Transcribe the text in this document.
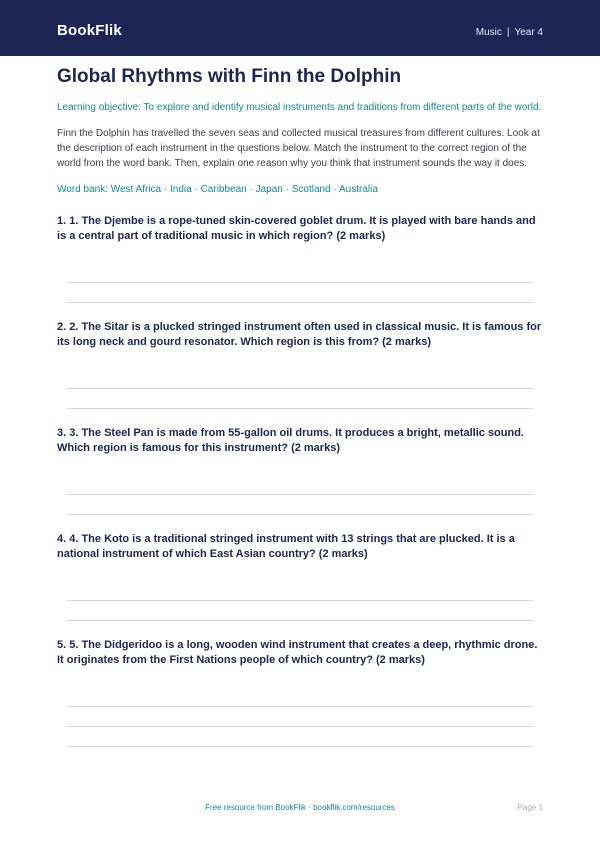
BookFlik	Music | Year 4
Global Rhythms with Finn the Dolphin
Learning objective: To explore and identify musical instruments and traditions from different parts of the world.
Finn the Dolphin has travelled the seven seas and collected musical treasures from different cultures. Look at the description of each instrument in the questions below. Match the instrument to the correct region of the world from the word bank. Then, explain one reason why you think that instrument sounds the way it does.
Word bank: West Africa · India · Caribbean · Japan · Scotland · Australia
1. 1. The Djembe is a rope-tuned skin-covered goblet drum. It is played with bare hands and is a central part of traditional music in which region? (2 marks)
2. 2. The Sitar is a plucked stringed instrument often used in classical music. It is famous for its long neck and gourd resonator. Which region is this from? (2 marks)
3. 3. The Steel Pan is made from 55-gallon oil drums. It produces a bright, metallic sound. Which region is famous for this instrument? (2 marks)
4. 4. The Koto is a traditional stringed instrument with 13 strings that are plucked. It is a national instrument of which East Asian country? (2 marks)
5. 5. The Didgeridoo is a long, wooden wind instrument that creates a deep, rhythmic drone. It originates from the First Nations people of which country? (2 marks)
Free resource from BookFlik · bookflik.com/resources	Page 1
